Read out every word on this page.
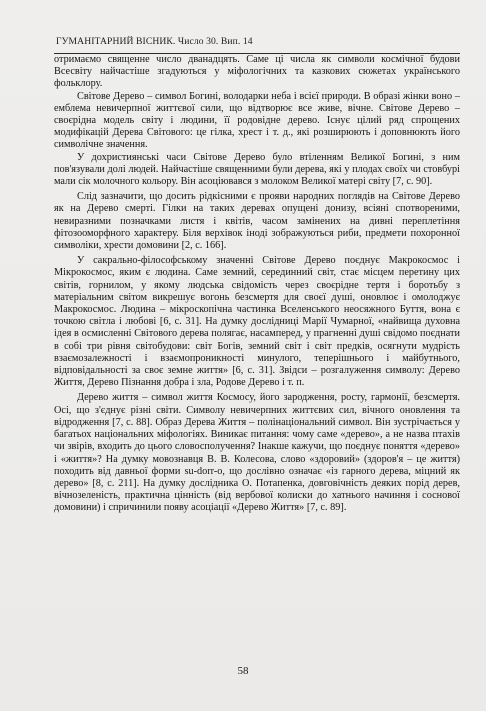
ГУМАНІТАРНИЙ ВІСНИК. Число 30. Вип. 14

отримаємо священне число дванадцять. Саме ці числа як символи космічної будови Всесвіту найчастіше згадуються у міфологічних та казкових сюжетах українського фольклору.

Світове Дерево – символ Богині, володарки неба і всієї природи. В образі жінки воно – емблема невичерпної життєвої сили, що відтворює все живе, вічне. Світове Дерево – своєрідна модель світу і людини, її родовідне дерево. Існує цілий ряд спрощених модифікацій Дерева Світового: це гілка, хрест і т. д., які розширюють і доповнюють його символічне значення.

У дохристиянські часи Світове Дерево було втіленням Великої Богині, з ним пов'язували долі людей. Найчастіше священними були дерева, які у плодах своїх чи стовбурі мали сік молочного кольору. Він асоціювався з молоком Великої матері світу [7, с. 90].

Слід зазначити, що досить рідкісними є прояви народних поглядів на Світове Дерево як на Дерево смерті. Гілки на таких деревах опущені донизу, всіяні спотвореними, невиразними позначками листя і квітів, часом замінених на дивні переплетіння фітозооморфного характеру. Біля верхівок іноді зображуються риби, предмети похоронної символіки, хрести домовини [2, с. 166].

У сакрально-філософському значенні Світове Дерево поєднує Макрокосмос і Мікрокосмос, яким є людина. Саме земний, серединний світ, стає місцем перетину цих світів, горнилом, у якому людська свідомість через своєрідне тертя і боротьбу з матеріальним світом викрешує вогонь безсмертя для своєї душі, оновлює і омолоджує Макрокосмос. Людина – мікроскопічна частинка Вселенського неосяжного Буття, вона є точкою світла і любові [6, с. 31]. На думку дослідниці Марії Чумарної, «найвища духовна ідея в осмисленні Світового дерева полягає, насамперед, у прагненні душі свідомо поєднати в собі три рівня світобудови: світ Богів, земний світ і світ предків, осягнути мудрість взаємозалежності і взаємопроникності минулого, теперішнього і майбутнього, відповідальності за своє земне життя» [6, с. 31]. Звідси – розгалуження символу: Дерево Життя, Дерево Пізнання добра і зла, Родове Дерево і т. п.

Дерево життя – символ життя Космосу, його зародження, росту, гармонії, безсмертя. Осі, що з'єднує різні світи. Символу невичерпних життєвих сил, вічного оновлення та відродження [7, с. 88]. Образ Дерева Життя – полінаціональний символ. Він зустрічається у багатьох національних міфологіях. Виникає питання: чому саме «дерево», а не назва птахів чи звірів, входить до цього словосполучення? Інакше кажучи, що поєднує поняття «дерево» і «життя»? На думку мовознавця В. В. Колесова, слово «здоровий» (здоров'я – це життя) походить від давньої форми su-dorr-o, що дослівно означає «із гарного дерева, міцний як дерево» [8, с. 211]. На думку дослідника О. Потапенка, довговічність деяких порід дерев, вічнозеленість, практична цінність (від вербової колиски до хатнього начиння і соснової домовини) і спричинили появу асоціації «Дерево Життя» [7, с. 89].

58
